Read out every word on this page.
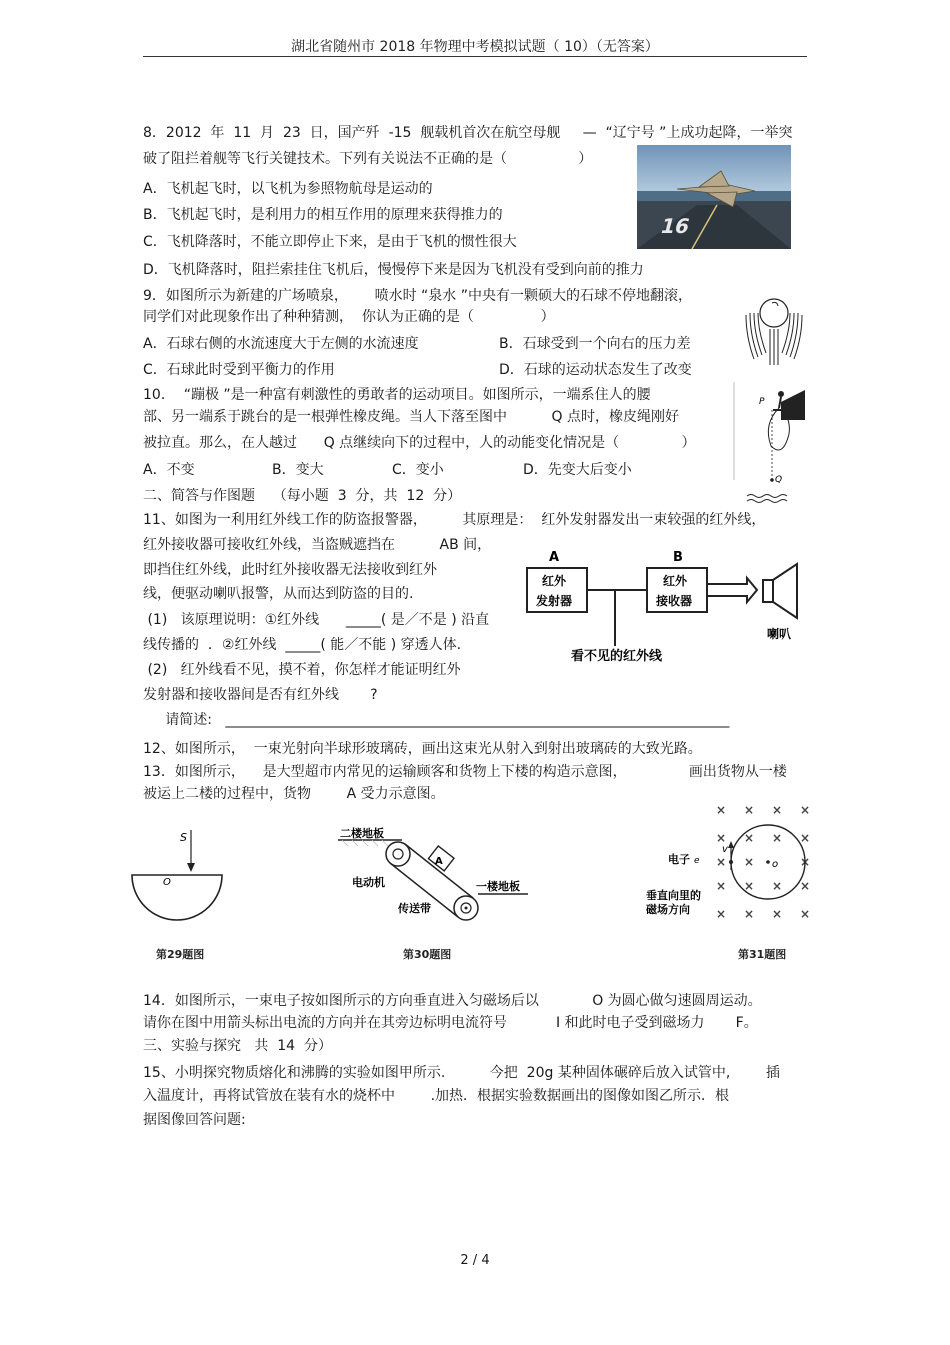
湖北省随州市 2018 年物理中考模拟试题（ 10）（无答案）
8．2012  年  11  月  23  日，国产歼  -15  舰载机首次在航空母舰     —  “辽宁号 ”上成功起降，一举突
破了阻拦着舰等飞行关键技术。下列有关说法不正确的是（                ）
A．飞机起飞时，以飞机为参照物航母是运动的
B．飞机起飞时，是利用力的相互作用的原理来获得推力的
C．飞机降落时，不能立即停止下来，是由于飞机的惯性很大
D．飞机降落时，阻拦索挂住飞机后，慢慢停下来是因为飞机没有受到向前的推力
16
9．如图所示为新建的广场喷泉，      喷水时 “泉水 ”中央有一颗硕大的石球不停地翻滚，
同学们对此现象作出了种种猜测，  你认为正确的是（               ）
A．石球右侧的水流速度大于左侧的水流速度	B．石球受到一个向右的压力差
C．石球此时受到平衡力的作用	D．石球的运动状态发生了改变
10．  “蹦极 ”是一种富有刺激性的勇敢者的运动项目。如图所示，一端系住人的腰
部、另一端系于跳台的是一根弹性橡皮绳。当人下落至图中          Q 点时，橡皮绳刚好
被拉直。那么，在人越过      Q 点继续向下的过程中，人的动能变化情况是（              ）
A．不变	B．变大	C．变小	D．先变大后变小
P
Q
二、简答与作图题    （每小题  3  分，共  12  分）
11、如图为一利用红外线工作的防盗报警器，        其原理是：  红外发射器发出一束较强的红外线，
红外接收器可接收红外线，当盗贼遮挡在          AB 间，
即挡住红外线，此时红外接收器无法接收到红外
线，便驱动喇叭报警，从而达到防盗的目的.
(1)   该原理说明：①红外线      _____( 是／不是 ) 沿直
线传播的  ．②红外线  _____( 能／不能 ) 穿透人体.
(2)   红外线看不见，摸不着，你怎样才能证明红外
发射器和接收器间是否有红外线       ?
请简述:   ________________________________________________________________________
A	B
红外
发射器
红外
接收器
喇叭
看不见的红外线
12、如图所示，  一束光射向半球形玻璃砖，画出这束光从射入到射出玻璃砖的大致光路。
13．如图所示，    是大型超市内常见的运输顾客和货物上下楼的构造示意图，              画出货物从一楼
被运上二楼的过程中，货物        A 受力示意图。
S
O
第29题图
二楼地板
A
电动机	一楼地板
传送带
第30题图
× × × ×
× × × ×
× ×	×
× × × ×
× × × ×
o
v
电子 e
垂直向里的
磁场方向
第31题图
14．如图所示，一束电子按如图所示的方向垂直进入匀磁场后以            O 为圆心做匀速圆周运动。
请你在图中用箭头标出电流的方向并在其旁边标明电流符号           I 和此时电子受到磁场力       F。
三、实验与探究   共  14  分）
15、小明探究物质熔化和沸腾的实验如图甲所示.          今把  20g 某种固体碾碎后放入试管中,        插
入温度计，再将试管放在装有水的烧杯中        .加热．根据实验数据画出的图像如图乙所示．根
据图像回答问题:
2 / 4
